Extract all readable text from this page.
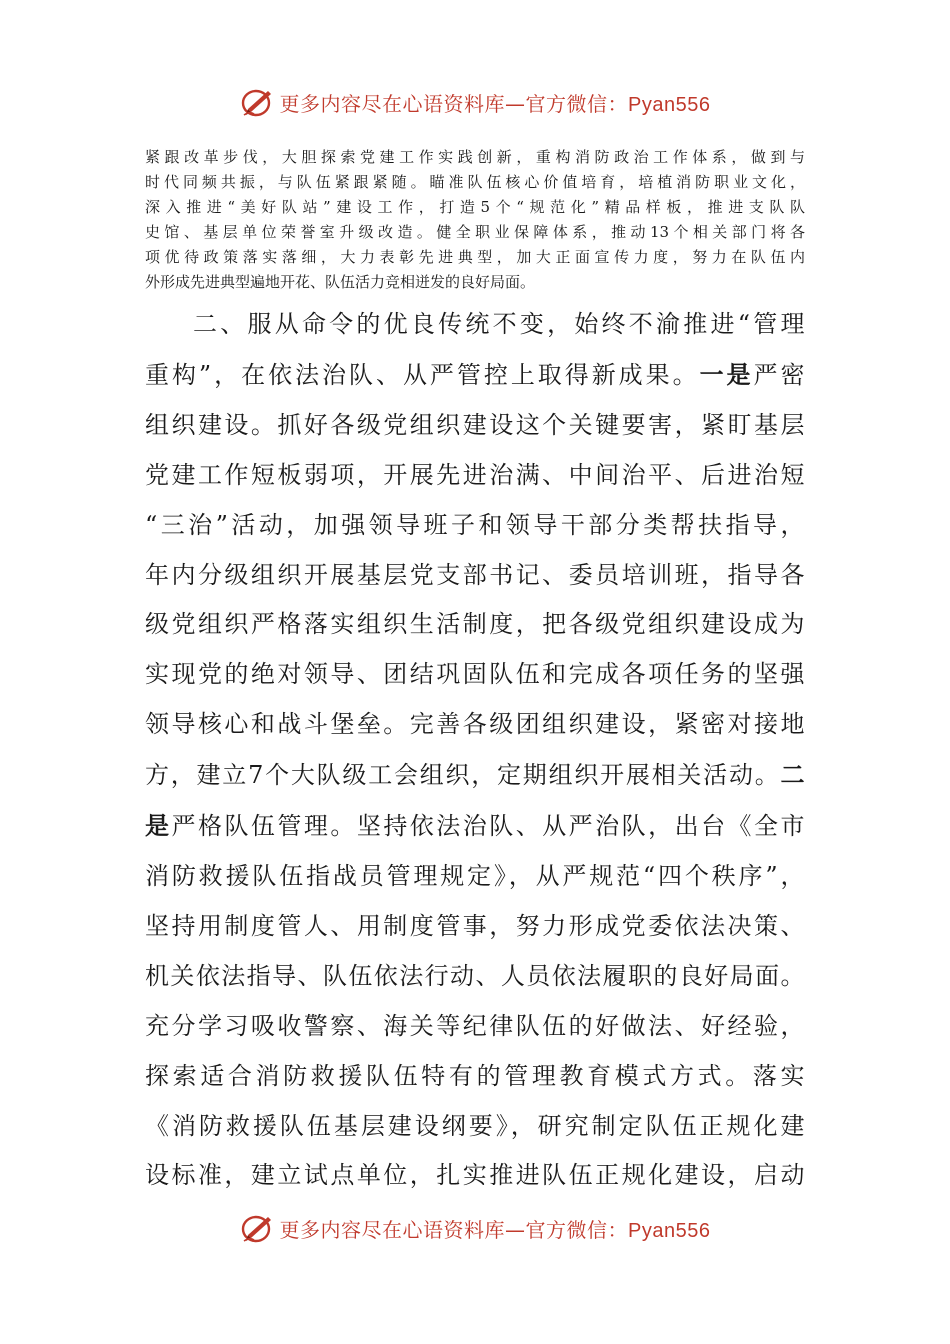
更多内容尽在心语资料库—官方微信：Pyan556

紧跟改革步伐，大胆探索党建工作实践创新，重构消防政治工作体系，做到与
时代同频共振，与队伍紧跟紧随。瞄准队伍核心价值培育，培植消防职业文化，
深入推进“美好队站”建设工作，打造5个“规范化”精品样板，推进支队队
史馆、基层单位荣誉室升级改造。健全职业保障体系，推动13个相关部门将各
项优待政策落实落细，大力表彰先进典型，加大正面宣传力度，努力在队伍内
外形成先进典型遍地开花、队伍活力竞相迸发的良好局面。

二、服从命令的优良传统不变，始终不渝推进“管理
重构”，在依法治队、从严管控上取得新成果。一是严密
组织建设。抓好各级党组织建设这个关键要害，紧盯基层
党建工作短板弱项，开展先进治满、中间治平、后进治短
“三治”活动，加强领导班子和领导干部分类帮扶指导，
年内分级组织开展基层党支部书记、委员培训班，指导各
级党组织严格落实组织生活制度，把各级党组织建设成为
实现党的绝对领导、团结巩固队伍和完成各项任务的坚强
领导核心和战斗堡垒。完善各级团组织建设，紧密对接地
方，建立7个大队级工会组织，定期组织开展相关活动。二
是严格队伍管理。坚持依法治队、从严治队，出台《全市
消防救援队伍指战员管理规定》，从严规范“四个秩序”，
坚持用制度管人、用制度管事，努力形成党委依法决策、
机关依法指导、队伍依法行动、人员依法履职的良好局面。
充分学习吸收警察、海关等纪律队伍的好做法、好经验，
探索适合消防救援队伍特有的管理教育模式方式。落实
《消防救援队伍基层建设纲要》，研究制定队伍正规化建
设标准，建立试点单位，扎实推进队伍正规化建设，启动

更多内容尽在心语资料库—官方微信：Pyan556
